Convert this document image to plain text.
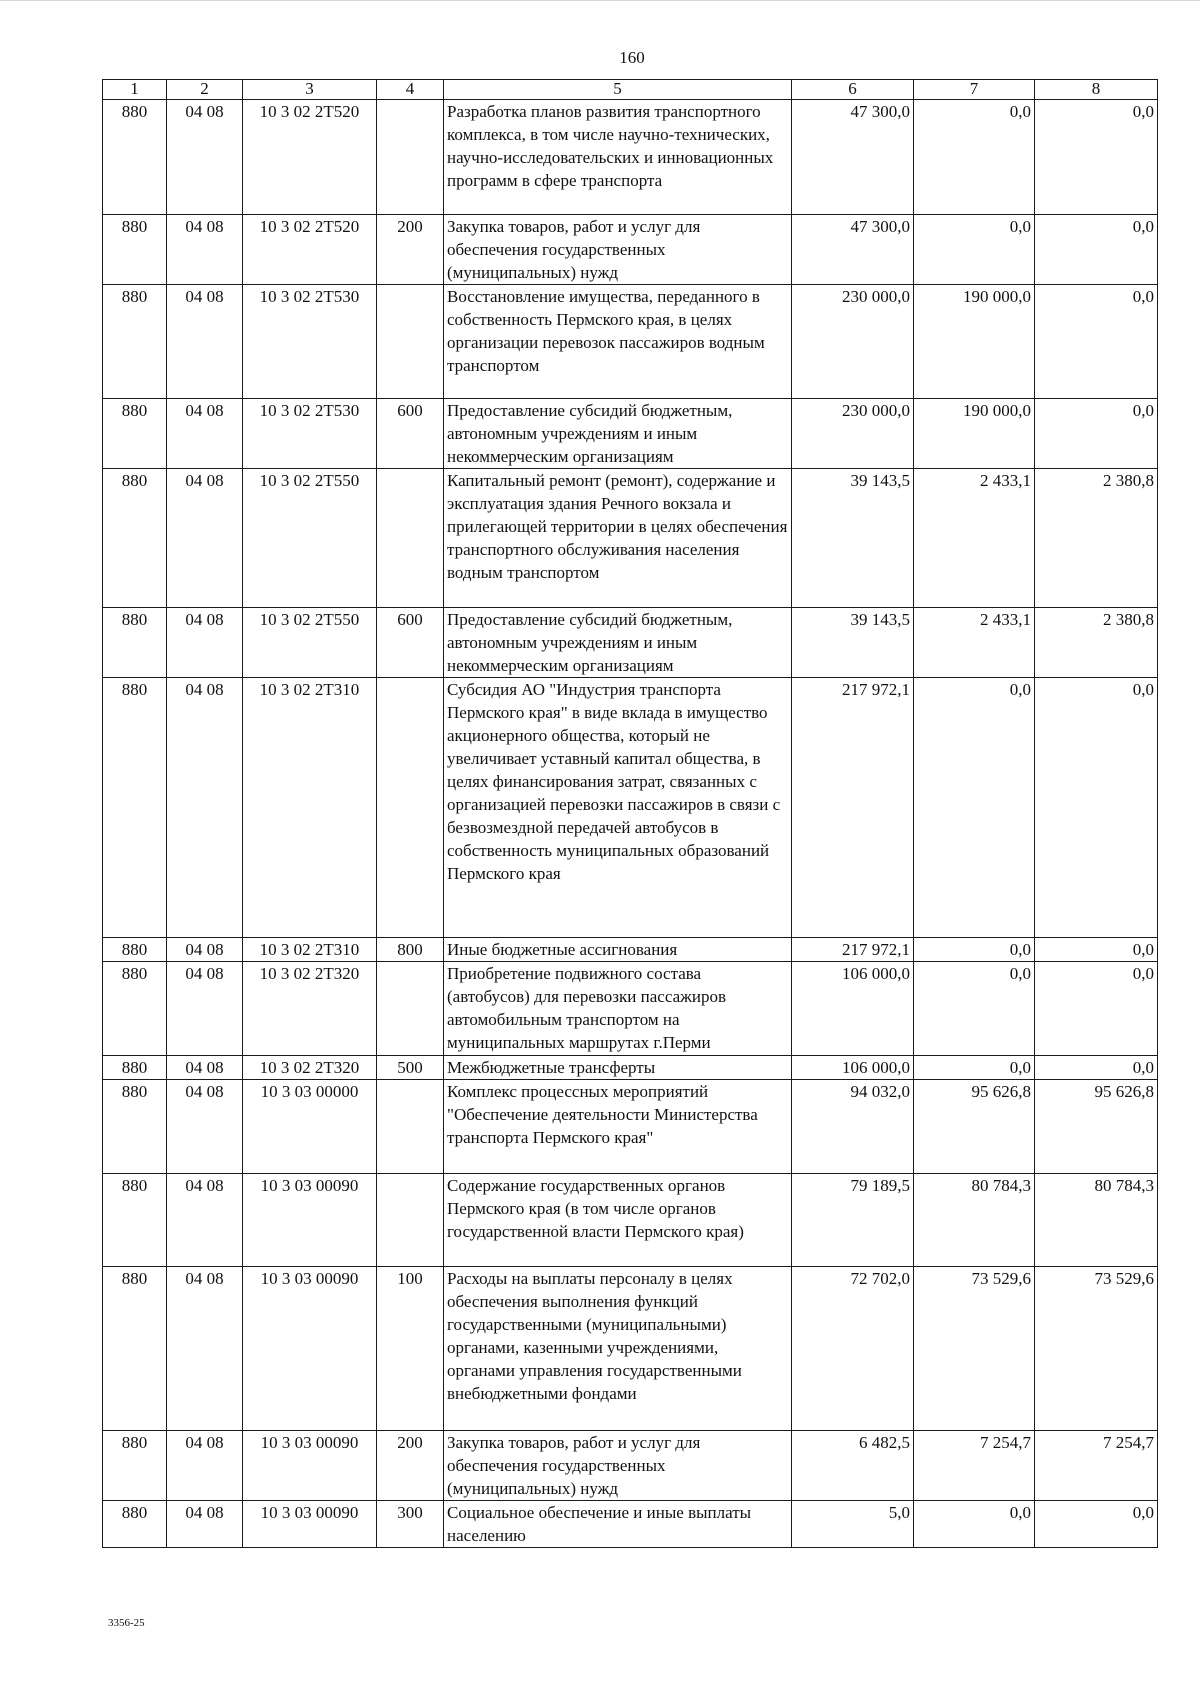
160
1	2	3	4	5	6	7	8
880	04 08	10 3 02 2Т520		Разработка планов развития транспортного комплекса, в том числе научно-технических, научно-исследовательских и инновационных программ в сфере транспорта	47 300,0	0,0	0,0
880	04 08	10 3 02 2Т520	200	Закупка товаров, работ и услуг для обеспечения государственных (муниципальных) нужд	47 300,0	0,0	0,0
880	04 08	10 3 02 2Т530		Восстановление имущества, переданного в собственность Пермского края, в целях организации перевозок пассажиров водным транспортом	230 000,0	190 000,0	0,0
880	04 08	10 3 02 2Т530	600	Предоставление субсидий бюджетным, автономным учреждениям и иным некоммерческим организациям	230 000,0	190 000,0	0,0
880	04 08	10 3 02 2Т550		Капитальный ремонт (ремонт), содержание и эксплуатация здания Речного вокзала и прилегающей территории в целях обеспечения транспортного обслуживания населения водным транспортом	39 143,5	2 433,1	2 380,8
880	04 08	10 3 02 2Т550	600	Предоставление субсидий бюджетным, автономным учреждениям и иным некоммерческим организациям	39 143,5	2 433,1	2 380,8
880	04 08	10 3 02 2Т310		Субсидия АО "Индустрия транспорта Пермского края" в виде вклада в имущество акционерного общества, который не увеличивает уставный капитал общества, в целях финансирования затрат, связанных с организацией перевозки пассажиров в связи с безвозмездной передачей автобусов в собственность муниципальных образований Пермского края	217 972,1	0,0	0,0
880	04 08	10 3 02 2Т310	800	Иные бюджетные ассигнования	217 972,1	0,0	0,0
880	04 08	10 3 02 2Т320		Приобретение подвижного состава (автобусов) для перевозки пассажиров автомобильным транспортом на муниципальных маршрутах г.Перми	106 000,0	0,0	0,0
880	04 08	10 3 02 2Т320	500	Межбюджетные трансферты	106 000,0	0,0	0,0
880	04 08	10 3 03 00000		Комплекс процессных мероприятий "Обеспечение деятельности Министерства транспорта Пермского края"	94 032,0	95 626,8	95 626,8
880	04 08	10 3 03 00090		Содержание государственных органов Пермского края (в том числе органов государственной власти Пермского края)	79 189,5	80 784,3	80 784,3
880	04 08	10 3 03 00090	100	Расходы на выплаты персоналу в целях обеспечения выполнения функций государственными (муниципальными) органами, казенными учреждениями, органами управления государственными внебюджетными фондами	72 702,0	73 529,6	73 529,6
880	04 08	10 3 03 00090	200	Закупка товаров, работ и услуг для обеспечения государственных (муниципальных) нужд	6 482,5	7 254,7	7 254,7
880	04 08	10 3 03 00090	300	Социальное обеспечение и иные выплаты населению	5,0	0,0	0,0
3356-25
